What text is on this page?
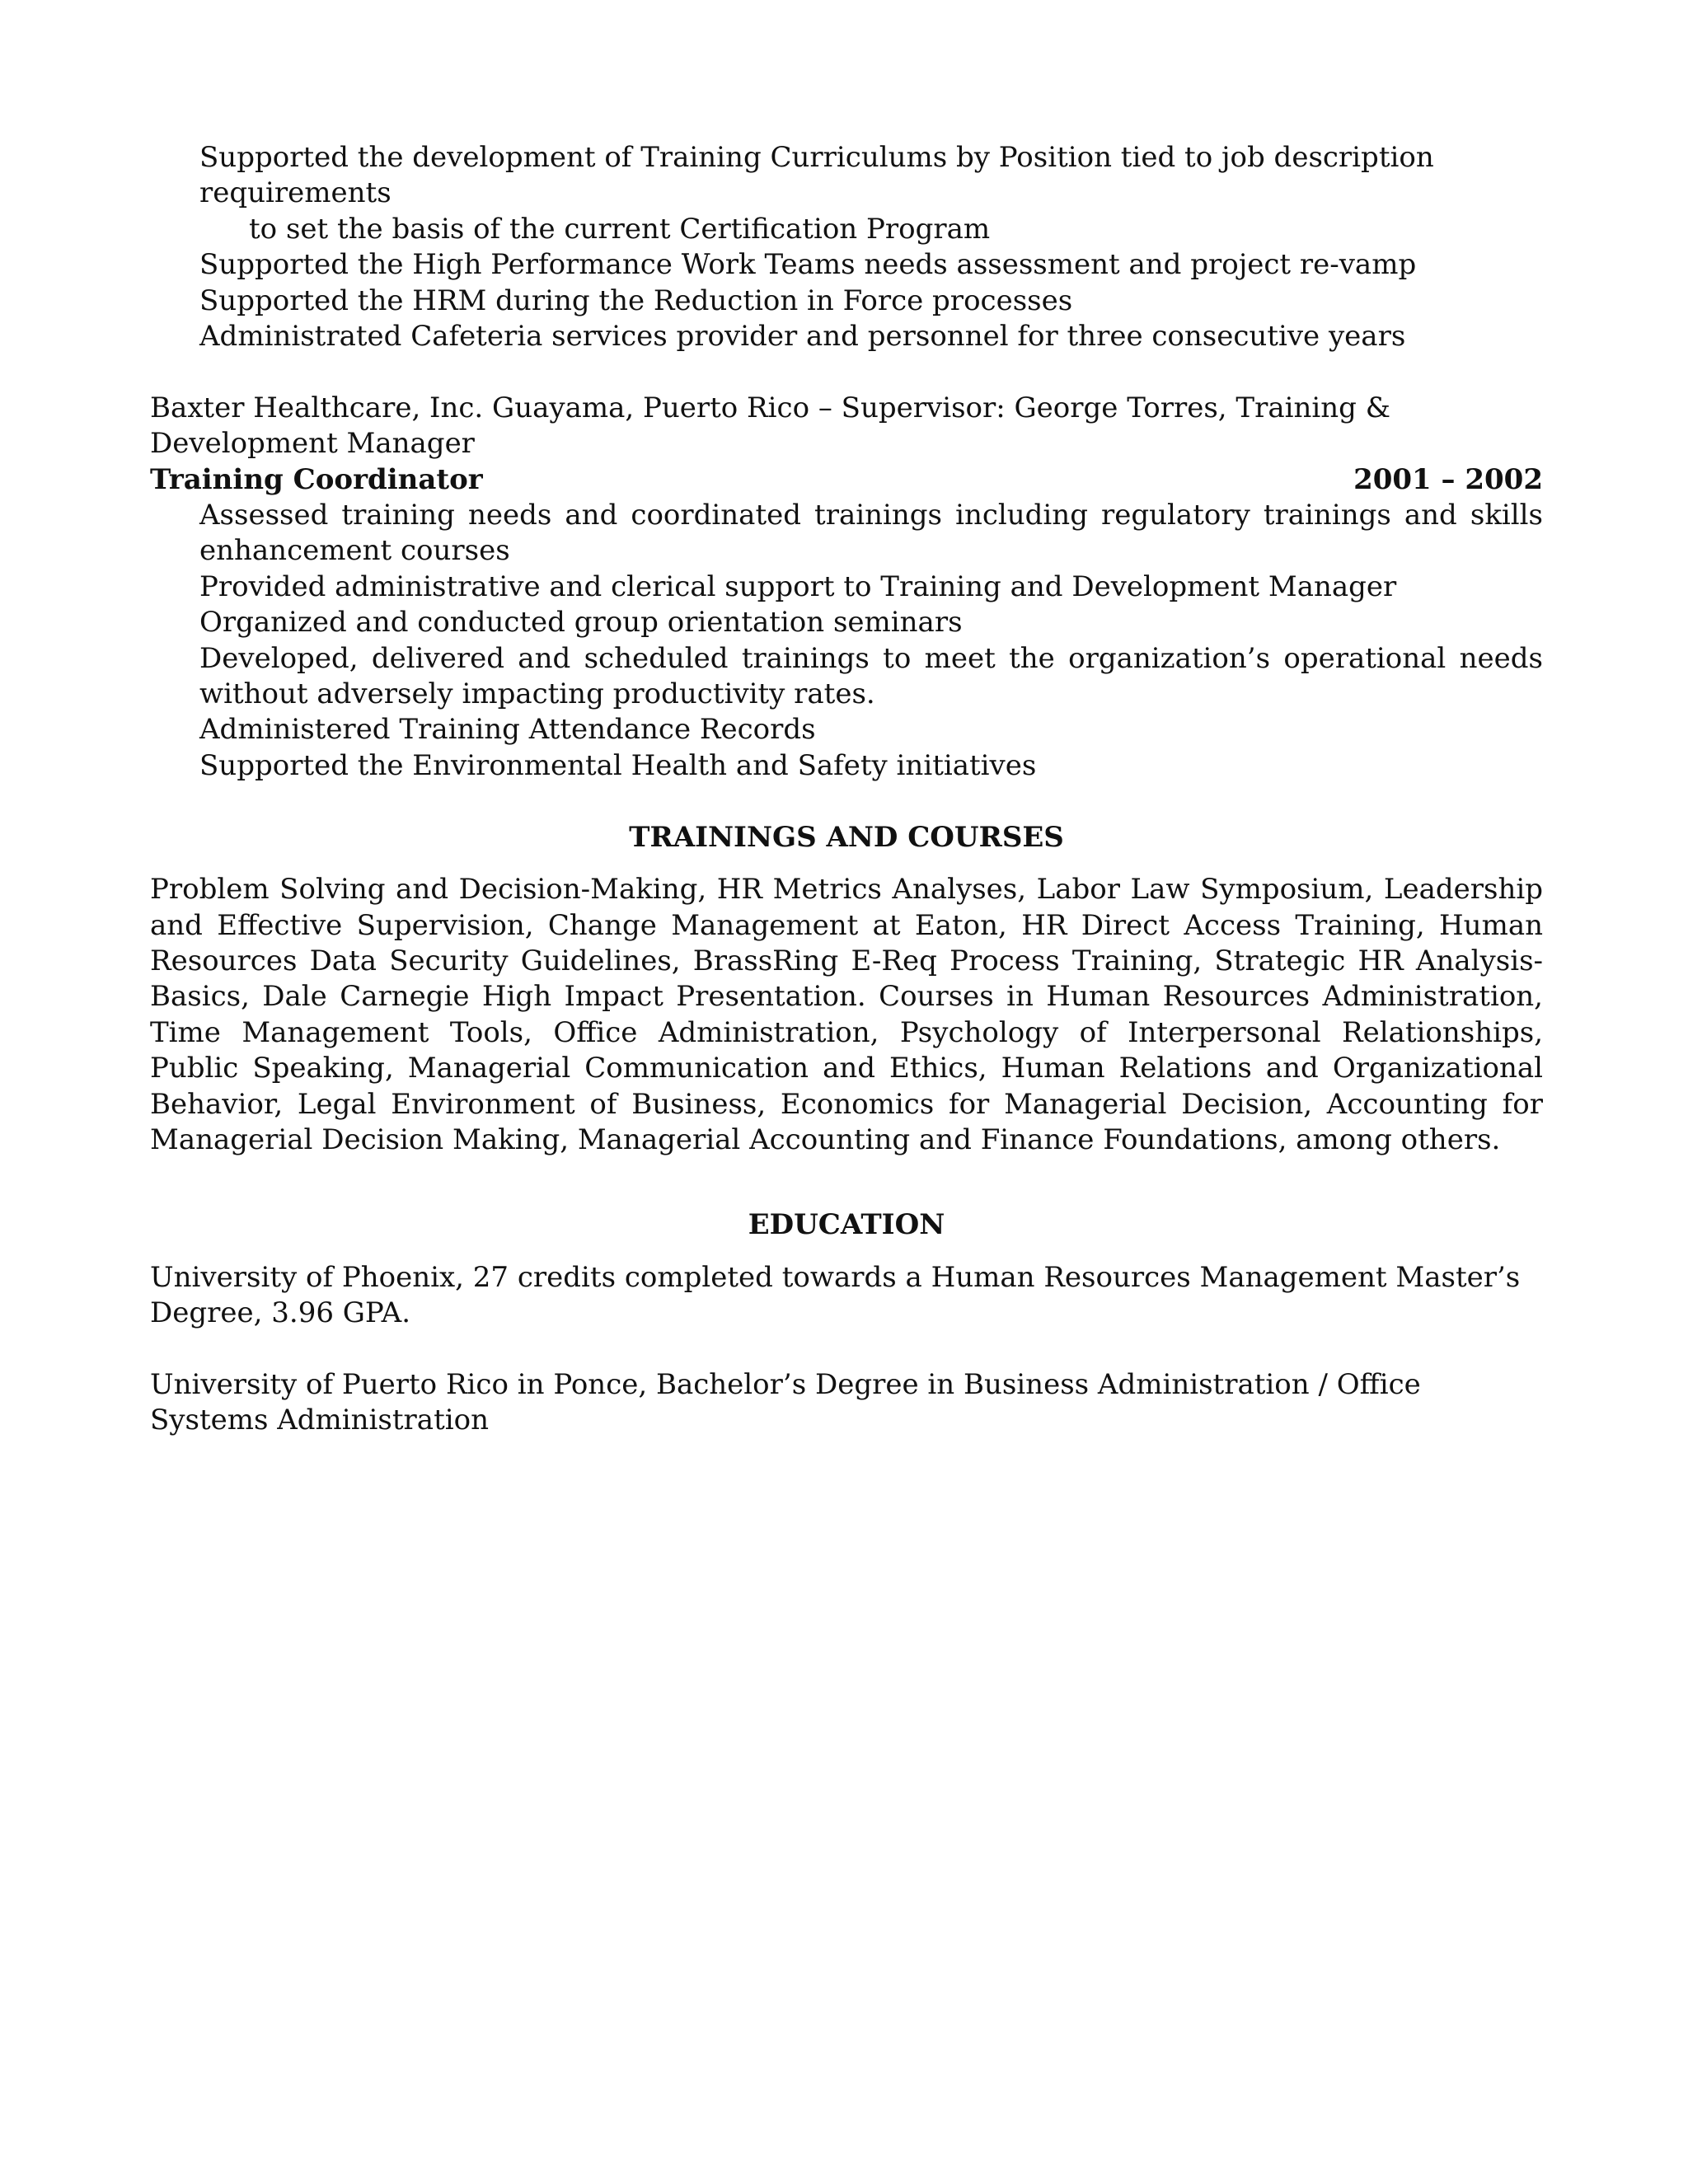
Supported the development of Training Curriculums by Position tied to job description requirements
to set the basis of the current Certification Program
Supported the High Performance Work Teams needs assessment and project re-vamp
Supported the HRM during the Reduction in Force processes
Administrated Cafeteria services provider and personnel for three consecutive years

Baxter Healthcare, Inc. Guayama, Puerto Rico – Supervisor: George Torres, Training & Development Manager

Training Coordinator	2001 – 2002
Assessed training needs and coordinated trainings including regulatory trainings and skills enhancement courses
Provided administrative and clerical support to Training and Development Manager
Organized and conducted group orientation seminars
Developed, delivered and scheduled trainings to meet the organization’s operational needs without adversely impacting productivity rates.
Administered Training Attendance Records
Supported the Environmental Health and Safety initiatives
TRAININGS AND COURSES

Problem Solving and Decision-Making, HR Metrics Analyses, Labor Law Symposium, Leadership and Effective Supervision, Change Management at Eaton, HR Direct Access Training, Human Resources Data Security Guidelines, BrassRing E-Req Process Training, Strategic HR Analysis-Basics, Dale Carnegie High Impact Presentation. Courses in Human Resources Administration, Time Management Tools, Office Administration, Psychology of Interpersonal Relationships, Public Speaking, Managerial Communication and Ethics, Human Relations and Organizational Behavior, Legal Environment of Business, Economics for Managerial Decision, Accounting for Managerial Decision Making, Managerial Accounting and Finance Foundations, among others.

EDUCATION

University of Phoenix, 27 credits completed towards a Human Resources Management Master’s Degree, 3.96 GPA.

University of Puerto Rico in Ponce, Bachelor’s Degree in Business Administration / Office Systems Administration
